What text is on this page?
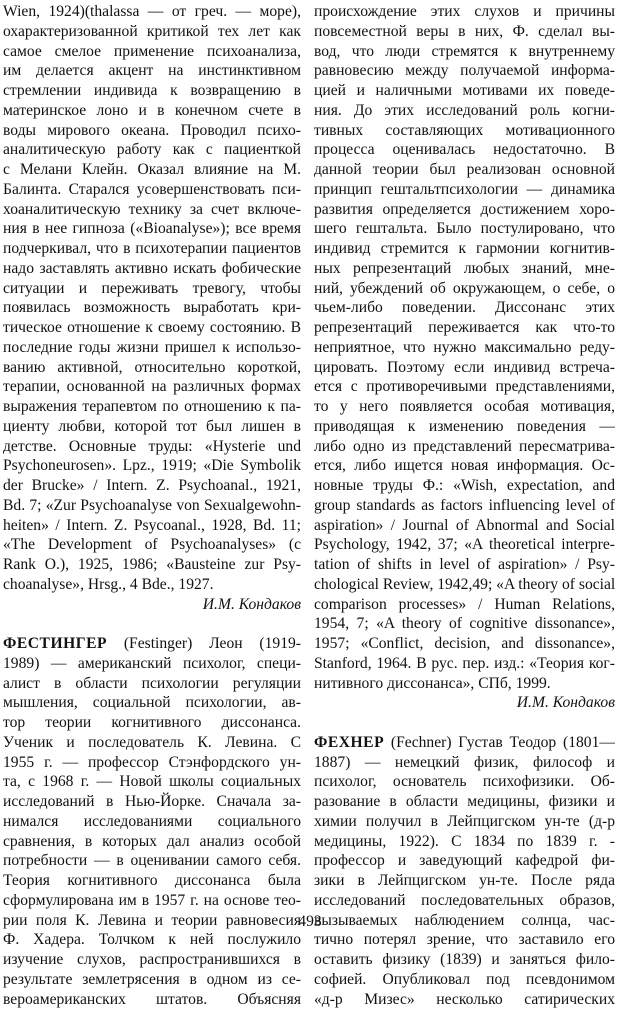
Wien, 1924)(thalassa — от греч. — море),
охарактеризованной критикой тех лет как
самое смелое применение психоанализа,
им делается акцент на инстинктивном
стремлении индивида к возвращению в
материнское лоно и в конечном счете в
воды мирового океана. Проводил психо-
аналитическую работу как с пациенткой
с Мелани Клейн. Оказал влияние на М.
Балинта. Старался усовершенствовать пси-
хоаналитическую технику за счет включе-
ния в нее гипноза («Bioanalyse»); все время
подчеркивал, что в психотерапии пациентов
надо заставлять активно искать фобические
ситуации и переживать тревогу, чтобы
появилась возможность выработать кри-
тическое отношение к своему состоянию. В
последние годы жизни пришел к использо-
ванию активной, относительно короткой,
терапии, основанной на различных формах
выражения терапевтом по отношению к па-
циенту любви, которой тот был лишен в
детстве. Основные труды: «Hysterie und
Psychoneurosen». Lpz., 1919; «Die Symbolik
der Brucke» / Intern. Z. Psychoanal., 1921,
Bd. 7; «Zur Psychoanalyse von Sexualgewohn-
heiten» / Intern. Z. Psycoanal., 1928, Bd. 11;
«The Development of Psychoanalyses» (с
Rank O.), 1925, 1986; «Bausteine zur Psy-
choanalyse», Hrsg., 4 Bde., 1927.
И.М. Кондаков
ФЕСТИНГЕР (Festinger) Леон (1919-
1989) — американский психолог, специ-
алист в области психологии регуляции
мышления, социальной психологии, ав-
тор теории когнитивного диссонанса.
Ученик и последователь К. Левина. С
1955 г. — профессор Стэнфордского ун-
та, с 1968 г. — Новой школы социальных
исследований в Нью-Йорке. Сначала за-
нимался исследованиями социального
сравнения, в которых дал анализ особой
потребности — в оценивании самого себя.
Теория когнитивного диссонанса была
сформулирована им в 1957 г. на основе тео-
рии поля К. Левина и теории равновесия
Ф. Хадера. Толчком к ней послужило
изучение слухов, распространившихся в
результате землетрясения в одном из се-
вероамериканских штатов. Объясняя
происхождение этих слухов и причины
повсеместной веры в них, Ф. сделал вы-
вод, что люди стремятся к внутреннему
равновесию между получаемой информа-
цией и наличными мотивами их поведе-
ния. До этих исследований роль когни-
тивных составляющих мотивационного
процесса оценивалась недостаточно. В
данной теории был реализован основной
принцип гештальтпсихологии — динамика
развития определяется достижением хоро-
шего гештальта. Было постулировано, что
индивид стремится к гармонии когнитив-
ных репрезентаций любых знаний, мне-
ний, убеждений об окружающем, о себе, о
чьем-либо поведении. Диссонанс этих
репрезентаций переживается как что-то
неприятное, что нужно максимально реду-
цировать. Поэтому если индивид встреча-
ется с противоречивыми представлениями,
то у него появляется особая мотивация,
приводящая к изменению поведения —
либо одно из представлений пересматрива-
ется, либо ищется новая информация. Ос-
новные труды Ф.: «Wish, expectation, and
group standards as factors influencing level of
aspiration» / Journal of Abnormal and Social
Psychology, 1942, 37; «A theoretical interpre-
tation of shifts in level of aspiration» / Psy-
chological Review, 1942,49; «A theory of social
comparison processes» / Human Relations,
1954, 7; «A theory of cognitive dissonance»,
1957; «Conflict, decision, and dissonance»,
Stanford, 1964. В рус. пер. изд.: «Теория ког-
нитивного диссонанса», СПб, 1999.
И.М. Кондаков
ФЕХНЕР (Fechner) Густав Теодор (1801—
1887) — немецкий физик, философ и
психолог, основатель психофизики. Об-
разование в области медицины, физики и
химии получил в Лейпцигском ун-те (д-р
медицины, 1922). С 1834 по 1839 г. -
профессор и заведующий кафедрой фи-
зики в Лейпцигском ун-те. После ряда
исследований последовательных образов,
вызываемых наблюдением солнца, час-
тично потерял зрение, что заставило его
оставить физику (1839) и заняться фило-
софией. Опубликовал под псевдонимом
«д-р Мизес» несколько сатирических
493
